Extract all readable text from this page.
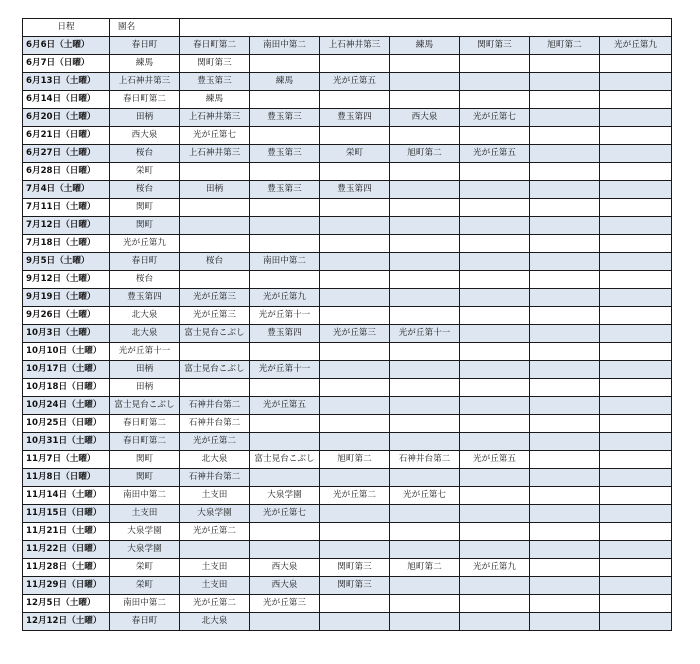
日程	園名							
6月6日（土曜）	春日町	春日町第二	南田中第二	上石神井第三	練馬	関町第三	旭町第二	光が丘第九
6月7日（日曜）	練馬	関町第三						
6月13日（土曜）	上石神井第三	豊玉第三	練馬	光が丘第五				
6月14日（日曜）	春日町第二	練馬						
6月20日（土曜）	田柄	上石神井第三	豊玉第三	豊玉第四	西大泉	光が丘第七		
6月21日（日曜）	西大泉	光が丘第七						
6月27日（土曜）	桜台	上石神井第三	豊玉第三	栄町	旭町第二	光が丘第五		
6月28日（日曜）	栄町							
7月4日（土曜）	桜台	田柄	豊玉第三	豊玉第四				
7月11日（土曜）	関町							
7月12日（日曜）	関町							
7月18日（土曜）	光が丘第九							
9月5日（土曜）	春日町	桜台	南田中第二					
9月12日（土曜）	桜台							
9月19日（土曜）	豊玉第四	光が丘第三	光が丘第九					
9月26日（土曜）	北大泉	光が丘第三	光が丘第十一					
10月3日（土曜）	北大泉	富士見台こぶし	豊玉第四	光が丘第三	光が丘第十一			
10月10日（土曜）	光が丘第十一							
10月17日（土曜）	田柄	富士見台こぶし	光が丘第十一					
10月18日（日曜）	田柄							
10月24日（土曜）	富士見台こぶし	石神井台第二	光が丘第五					
10月25日（日曜）	春日町第二	石神井台第二						
10月31日（土曜）	春日町第二	光が丘第二						
11月7日（土曜）	関町	北大泉	富士見台こぶし	旭町第二	石神井台第二	光が丘第五		
11月8日（日曜）	関町	石神井台第二						
11月14日（土曜）	南田中第二	土支田	大泉学園	光が丘第二	光が丘第七			
11月15日（日曜）	土支田	大泉学園	光が丘第七					
11月21日（土曜）	大泉学園	光が丘第二						
11月22日（日曜）	大泉学園							
11月28日（土曜）	栄町	土支田	西大泉	関町第三	旭町第二	光が丘第九		
11月29日（日曜）	栄町	土支田	西大泉	関町第三				
12月5日（土曜）	南田中第二	光が丘第二	光が丘第三					
12月12日（土曜）	春日町	北大泉						
